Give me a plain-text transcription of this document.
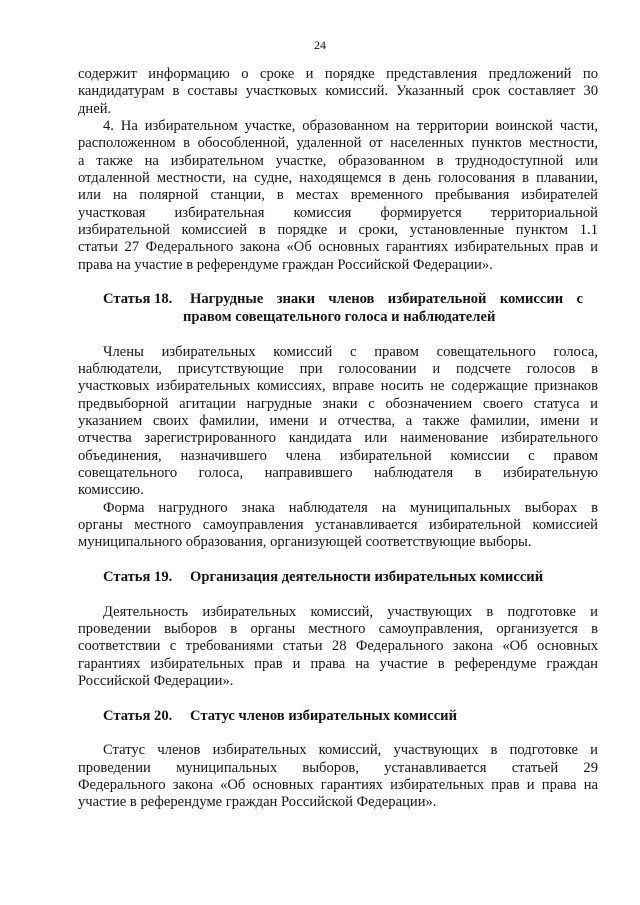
24
содержит информацию о сроке и порядке представления предложений по
кандидатурам в составы участковых комиссий. Указанный срок составляет 30
дней.
4. На избирательном участке, образованном на территории воинской части,
расположенном в обособленной, удаленной от населенных пунктов местности,
а также на избирательном участке, образованном в труднодоступной или
отдаленной местности, на судне, находящемся в день голосования в плавании,
или на полярной станции, в местах временного пребывания избирателей
участковая избирательная комиссия формируется территориальной
избирательной комиссией в порядке и сроки, установленные пунктом 1.1
статьи 27 Федерального закона «Об основных гарантиях избирательных прав и
права на участие в референдуме граждан Российской Федерации».
Статья 18.	Нагрудные знаки членов избирательной комиссии с
правом совещательного голоса и наблюдателей
Члены избирательных комиссий с правом совещательного голоса,
наблюдатели, присутствующие при голосовании и подсчете голосов в
участковых избирательных комиссиях, вправе носить не содержащие признаков
предвыборной агитации нагрудные знаки с обозначением своего статуса и
указанием своих фамилии, имени и отчества, а также фамилии, имени и
отчества зарегистрированного кандидата или наименование избирательного
объединения, назначившего члена избирательной комиссии с правом
совещательного голоса, направившего наблюдателя в избирательную
комиссию.
Форма нагрудного знака наблюдателя на муниципальных выборах в
органы местного самоуправления устанавливается избирательной комиссией
муниципального образования, организующей соответствующие выборы.
Статья 19.	Организация деятельности избирательных комиссий
Деятельность избирательных комиссий, участвующих в подготовке и
проведении выборов в органы местного самоуправления, организуется в
соответствии с требованиями статьи 28 Федерального закона «Об основных
гарантиях избирательных прав и права на участие в референдуме граждан
Российской Федерации».
Статья 20.	Статус членов избирательных комиссий
Статус членов избирательных комиссий, участвующих в подготовке и
проведении муниципальных выборов, устанавливается статьей 29
Федерального закона «Об основных гарантиях избирательных прав и права на
участие в референдуме граждан Российской Федерации».
